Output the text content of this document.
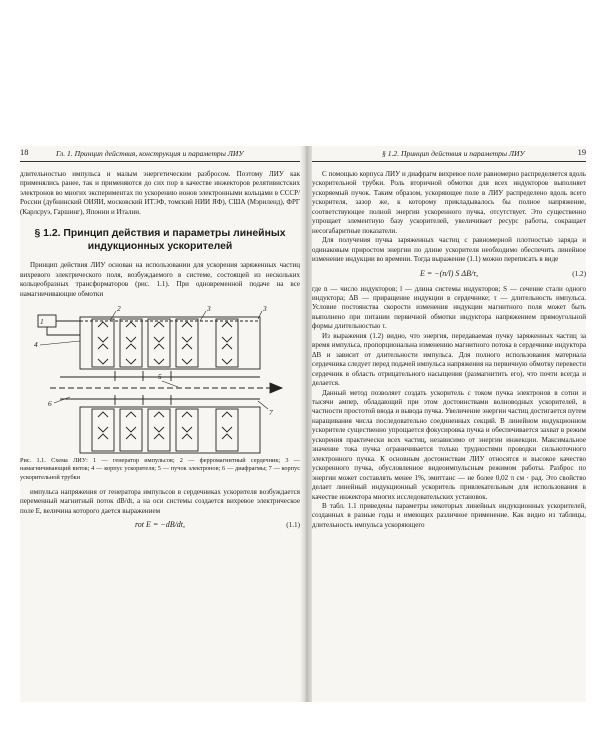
18	Гл. 1. Принцип действия, конструкция и параметры ЛИУ

длительностью импульса и малым энергетическим разбросом. Поэтому ЛИУ как применялись ранее, так и применяются до сих пор в качестве инжекторов релятивистских электронов во многих экспериментах по ускорению ионов электронными кольцами в СССР/России (дубнинский ОИЯИ, московский ИТЭФ, томский НИИ ЯФ), США (Мэриленд), ФРГ (Карлсруэ, Гаршинг), Японии и Италии.

§ 1.2. Принцип действия и параметры линейных индукционных ускорителей

Принцип действия ЛИУ основан на использовании для ускорения заряженных частиц вихревого электрического поля, возбуждаемого в системе, состоящей из нескольких кольцеобразных трансформаторов (рис. 1.1). При одновременной подаче на все намагничивающие обмотки

1
2	3	3
4
5
6
7

Рис. 1.1. Схема ЛИУ: 1 — генератор импульсов; 2 — ферромагнитный сердечник; 3 — намагничивающий виток; 4 — корпус ускорителя; 5 — пучок электронов; 6 — диафрагмы; 7 — корпус ускорительной трубки

импульса напряжения от генератора импульсов в сердечниках ускорителя возбуждается переменный магнитный поток dB/dt, а на оси системы создается вихревое электрическое поле E, величина которого дается выражением

rot E = −dB/dt,	(1.1)
§ 1.2. Принцип действия и параметры ЛИУ	19

С помощью корпуса ЛИУ и диафрагм вихревое поле равномерно распределяется вдоль ускорительной трубки. Роль вторичной обмотки для всех индукторов выполняет ускоряемый пучок. Таким образом, ускоряющее поле в ЛИУ распределено вдоль всего ускорителя, зазор же, к которому прикладывалось бы полное напряжение, соответствующее полной энергии ускоренного пучка, отсутствует. Это существенно упрощает элементную базу ускорителей, увеличивает ресурс работы, сокращает несогабаритные показатели.

Для получения пучка заряженных частиц с равномерной плотностью заряда и одинаковым приростом энергии по длине ускорителя необходимо обеспечить линейное изменение индукции во времени. Тогда выражение (1.1) можно переписать в виде

E = −(n/l) S ΔB/τ,	(1.2)

где n — число индукторов; l — длина системы индукторов; S — сечение стали одного индуктора; ΔB — приращение индукции в сердечнике; τ — длительность импульса. Условие постоянства скорости изменения индукции магнитного поля может быть выполнено при питании первичной обмотки индуктора напряжением прямоугольной формы длительностью τ.

Из выражения (1.2) видно, что энергия, передаваемая пучку заряженных частиц за время импульса, пропорциональна изменению магнитного потока в сердечнике индуктора ΔB и зависит от длительности импульса. Для полного использования материала сердечника следует перед подачей импульса напряжения на первичную обмотку перевести сердечник в область отрицательного насыщения (размагнитить его), что почти всегда и делается.

Данный метод позволяет создать ускоритель с током пучка электронов в сотни и тысячи ампер, обладающий при этом достоинствами волноводных ускорителей, в частности простотой ввода и вывода пучка. Увеличение энергии частиц достигается путем наращивания числа последовательно соединенных секций. В линейном индукционном ускорителе существенно упрощается фокусировка пучка и обеспечивается захват в режим ускорения практически всех частиц, независимо от энергии инжекции. Максимальное значение тока пучка ограничивается только трудностями проводки сильноточного электронного пучка. К основным достоинствам ЛИУ относятся и высокое качество ускоренного пучка, обусловленное видеоимпульсным режимом работы. Разброс по энергии может составлять менее 1%, эмиттанс — не более 0,02 π см · рад. Это свойство делает линейный индукционный ускоритель привлекательным для использования в качестве инжектора многих исследовательских установок.

В табл. 1.1 приведены параметры некоторых линейных индукционных ускорителей, созданных в разные годы и имеющих различное применение. Как видно из таблицы, длительность импульса ускоряющего
